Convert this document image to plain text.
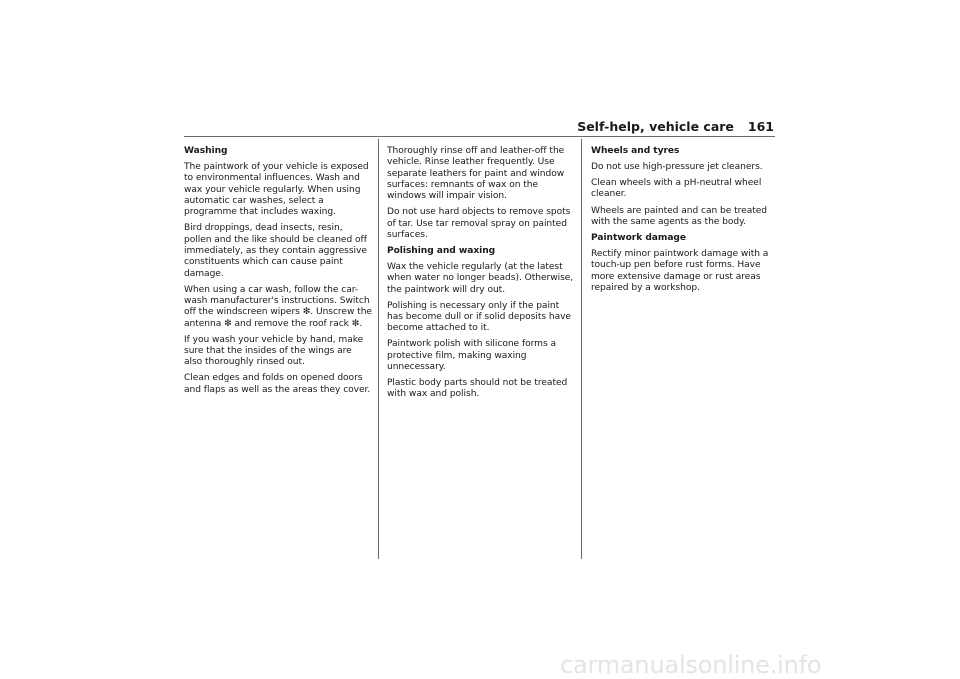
Self-help, vehicle care 161

Washing

The paintwork of your vehicle is exposed to environmental influences. Wash and wax your vehicle regularly. When using automatic car washes, select a programme that includes waxing.

Bird droppings, dead insects, resin, pollen and the like should be cleaned off immediately, as they contain aggressive constituents which can cause paint damage.

When using a car wash, follow the car-wash manufacturer's instructions. Switch off the windscreen wipers ❇. Unscrew the antenna ❇ and remove the roof rack ❇.

If you wash your vehicle by hand, make sure that the insides of the wings are also thoroughly rinsed out.

Clean edges and folds on opened doors and flaps as well as the areas they cover.

Thoroughly rinse off and leather-off the vehicle. Rinse leather frequently. Use separate leathers for paint and window surfaces: remnants of wax on the windows will impair vision.

Do not use hard objects to remove spots of tar. Use tar removal spray on painted surfaces.

Polishing and waxing

Wax the vehicle regularly (at the latest when water no longer beads). Otherwise, the paintwork will dry out.

Polishing is necessary only if the paint has become dull or if solid deposits have become attached to it.

Paintwork polish with silicone forms a protective film, making waxing unnecessary.

Plastic body parts should not be treated with wax and polish.

Wheels and tyres

Do not use high-pressure jet cleaners.

Clean wheels with a pH-neutral wheel cleaner.

Wheels are painted and can be treated with the same agents as the body.

Paintwork damage

Rectify minor paintwork damage with a touch-up pen before rust forms. Have more extensive damage or rust areas repaired by a workshop.

carmanualsonline.info
